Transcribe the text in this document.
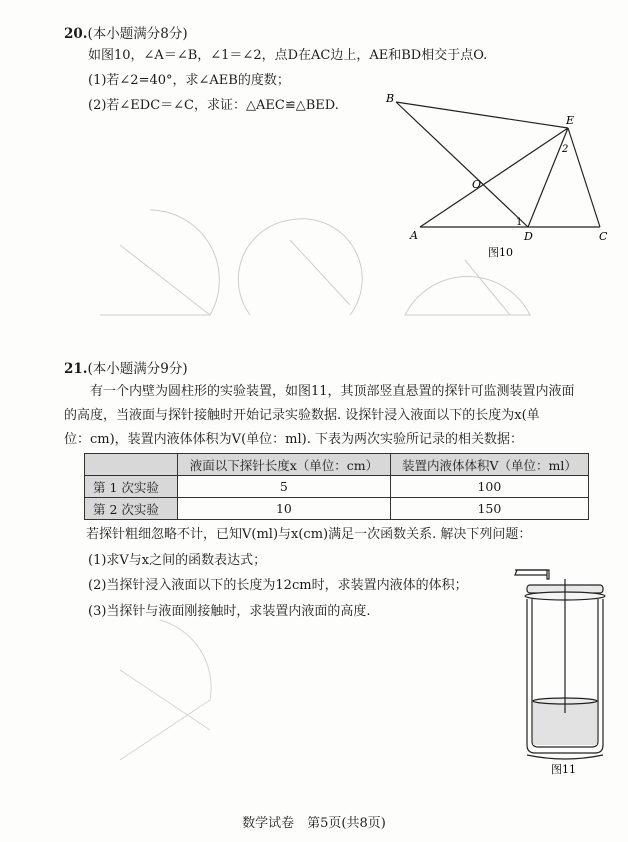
20.(本小题满分8分)
如图10，∠A＝∠B，∠1＝∠2，点D在AC边上，AE和BD相交于点O.
(1)若∠2=40°，求∠AEB的度数；
(2)若∠EDC＝∠C，求证：△AEC≌△BED.	B
E
2
O
1
A	D	C
图10
21.(本小题满分9分)
有一个内壁为圆柱形的实验装置，如图11，其顶部竖直悬置的探针可监测装置内液面
的高度，当液面与探针接触时开始记录实验数据. 设探针浸入液面以下的长度为x(单
位：cm)，装置内液体体积为V(单位：ml). 下表为两次实验所记录的相关数据：
	液面以下探针长度x（单位：cm）	装置内液体体积V（单位：ml）
第 1 次实验	5	100
第 2 次实验	10	150
若探针粗细忽略不计，已知V(ml)与x(cm)满足一次函数关系. 解决下列问题：
(1)求V与x之间的函数表达式；
(2)当探针浸入液面以下的长度为12cm时，求装置内液体的体积；
(3)当探针与液面刚接触时，求装置内液面的高度.
图11
数学试卷　第5页(共8页)
